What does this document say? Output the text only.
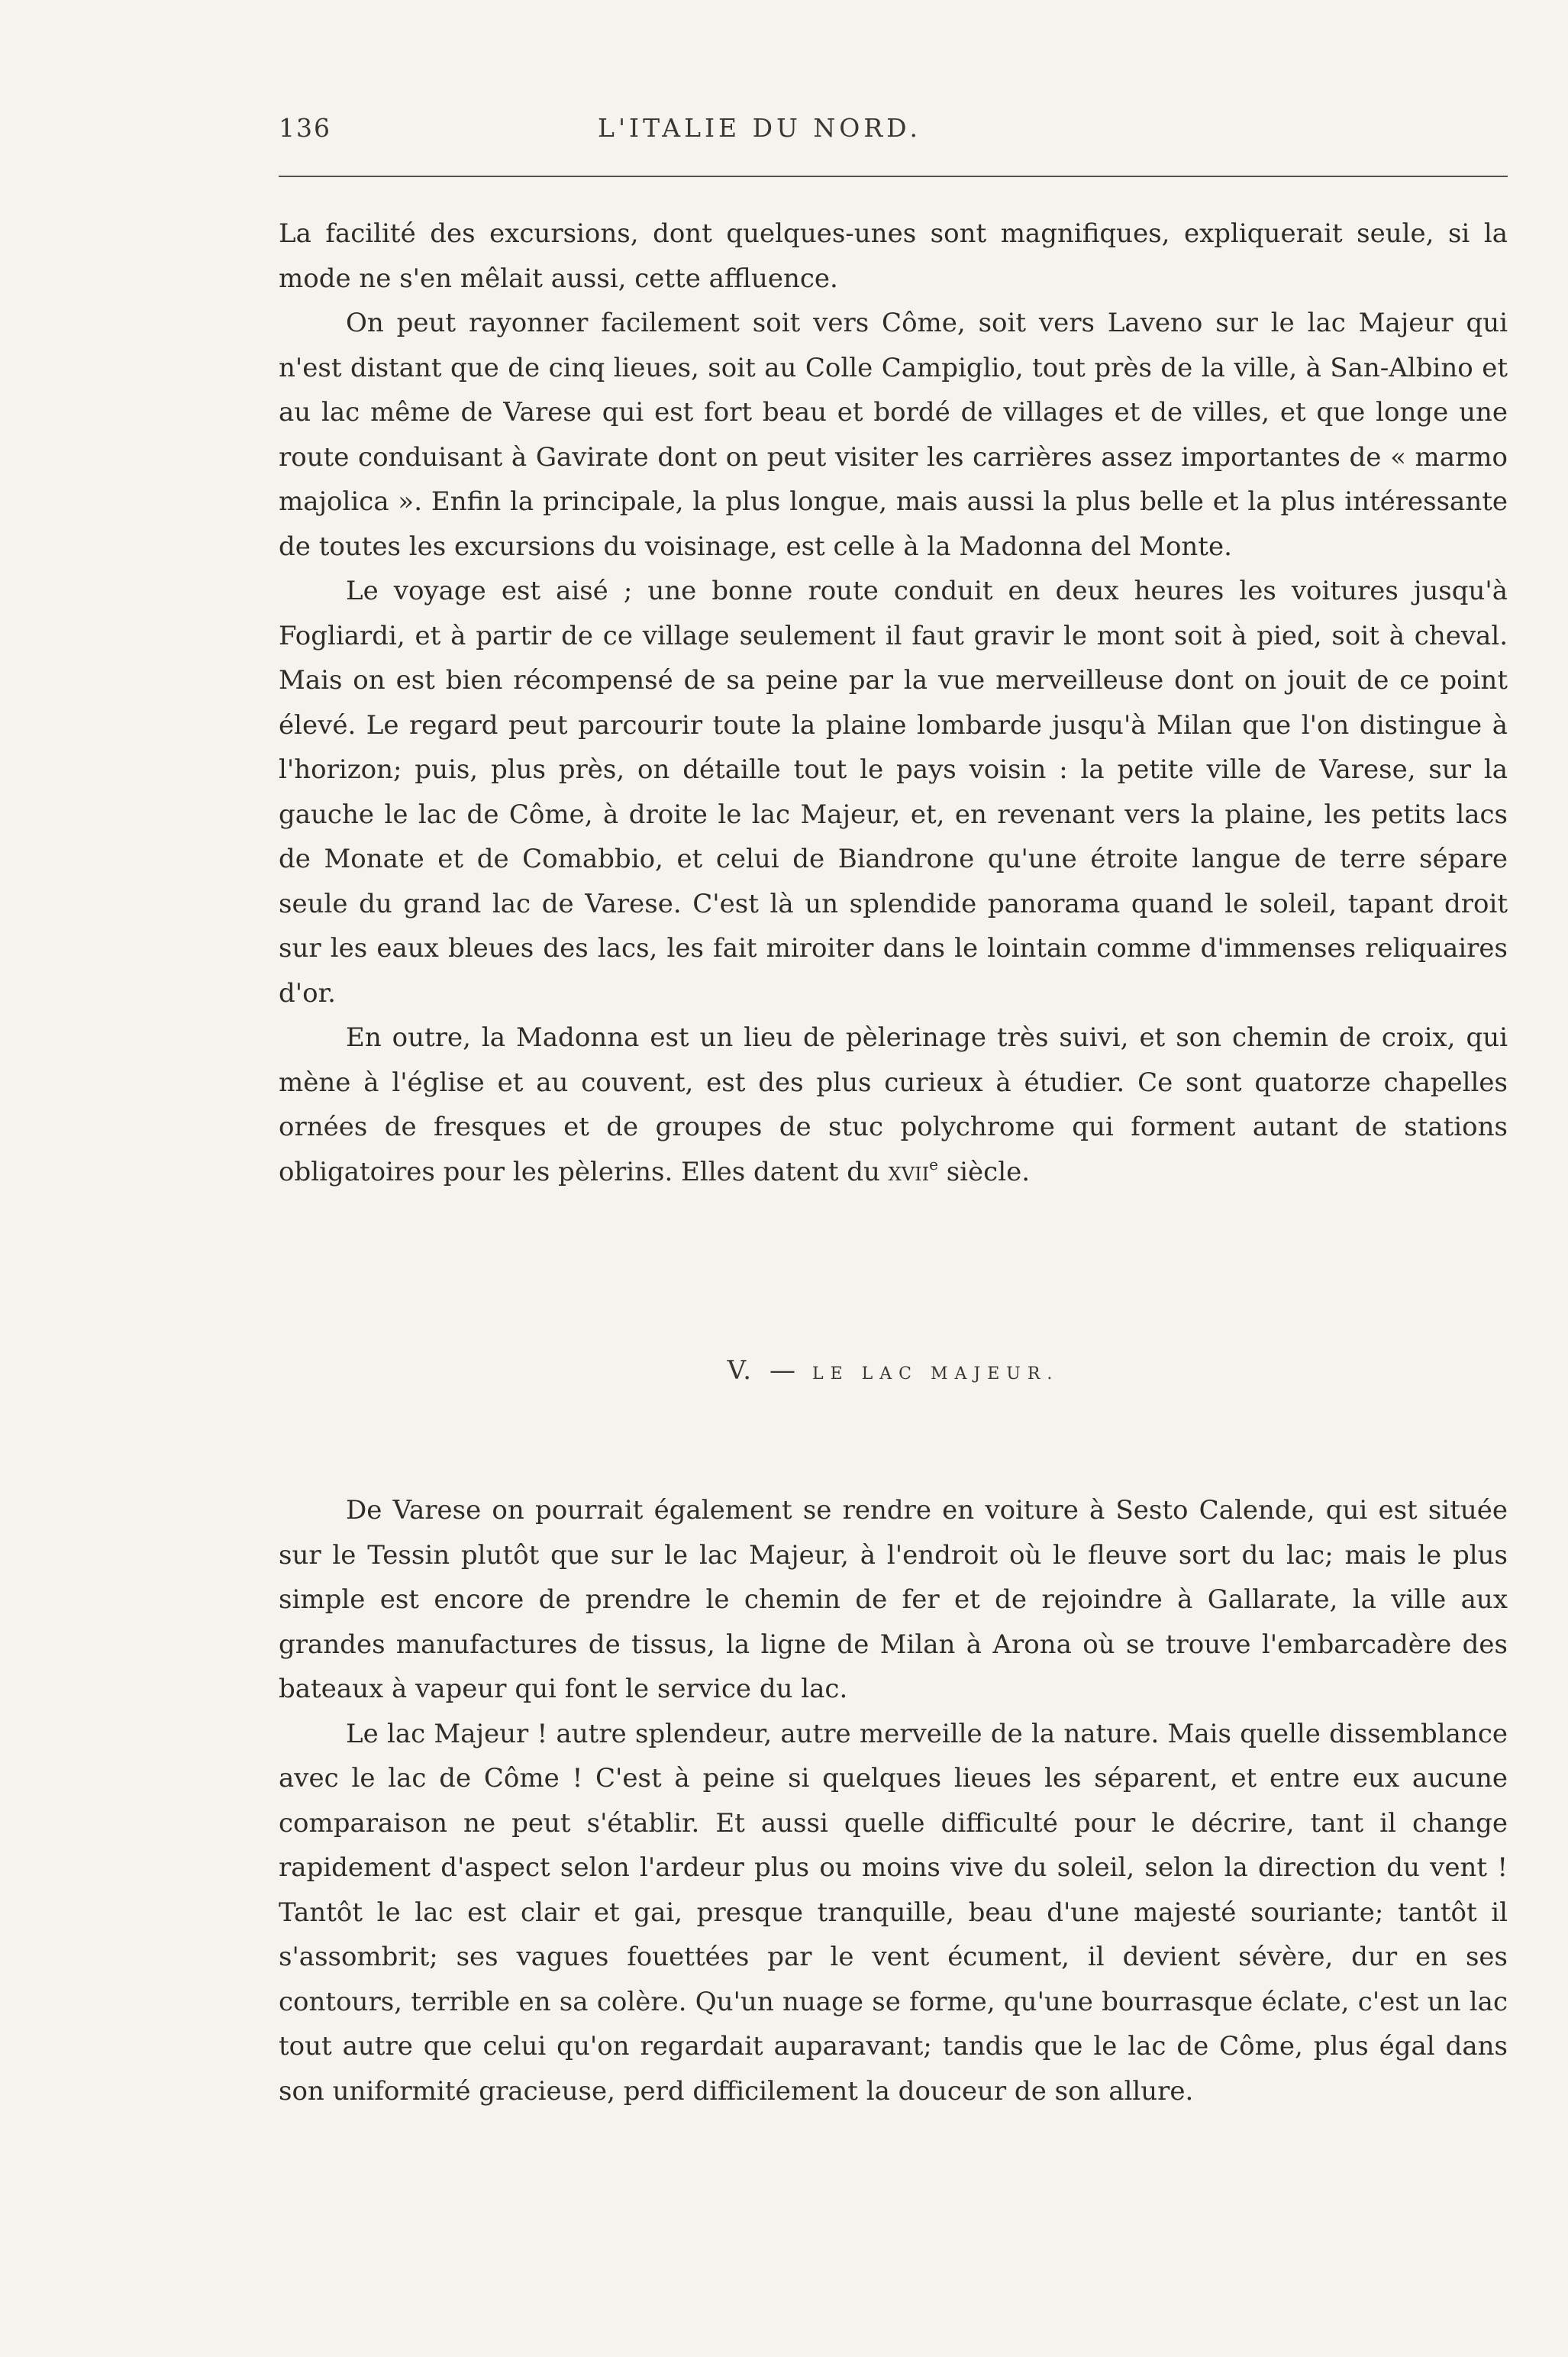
136	L'ITALIE DU NORD.

La facilité des excursions, dont quelques-unes sont magnifiques, expliquerait seule, si la mode ne s'en mêlait aussi, cette affluence.

On peut rayonner facilement soit vers Côme, soit vers Laveno sur le lac Majeur qui n'est distant que de cinq lieues, soit au Colle Campiglio, tout près de la ville, à San-Albino et au lac même de Varese qui est fort beau et bordé de villages et de villes, et que longe une route conduisant à Gavirate dont on peut visiter les carrières assez importantes de « marmo majolica ». Enfin la principale, la plus longue, mais aussi la plus belle et la plus intéressante de toutes les excursions du voisinage, est celle à la Madonna del Monte.

Le voyage est aisé ; une bonne route conduit en deux heures les voitures jusqu'à Fogliardi, et à partir de ce village seulement il faut gravir le mont soit à pied, soit à cheval. Mais on est bien récompensé de sa peine par la vue merveilleuse dont on jouit de ce point élevé. Le regard peut parcourir toute la plaine lombarde jusqu'à Milan que l'on distingue à l'horizon; puis, plus près, on détaille tout le pays voisin : la petite ville de Varese, sur la gauche le lac de Côme, à droite le lac Majeur, et, en revenant vers la plaine, les petits lacs de Monate et de Comabbio, et celui de Biandrone qu'une étroite langue de terre sépare seule du grand lac de Varese. C'est là un splendide panorama quand le soleil, tapant droit sur les eaux bleues des lacs, les fait miroiter dans le lointain comme d'immenses reliquaires d'or.

En outre, la Madonna est un lieu de pèlerinage très suivi, et son chemin de croix, qui mène à l'église et au couvent, est des plus curieux à étudier. Ce sont quatorze chapelles ornées de fresques et de groupes de stuc polychrome qui forment autant de stations obligatoires pour les pèlerins. Elles datent du xvii$^e$ siècle.

V. — LE LAC MAJEUR.

De Varese on pourrait également se rendre en voiture à Sesto Calende, qui est située sur le Tessin plutôt que sur le lac Majeur, à l'endroit où le fleuve sort du lac; mais le plus simple est encore de prendre le chemin de fer et de rejoindre à Gallarate, la ville aux grandes manufactures de tissus, la ligne de Milan à Arona où se trouve l'embarcadère des bateaux à vapeur qui font le service du lac.

Le lac Majeur ! autre splendeur, autre merveille de la nature. Mais quelle dissemblance avec le lac de Côme ! C'est à peine si quelques lieues les séparent, et entre eux aucune comparaison ne peut s'établir. Et aussi quelle difficulté pour le décrire, tant il change rapidement d'aspect selon l'ardeur plus ou moins vive du soleil, selon la direction du vent ! Tantôt le lac est clair et gai, presque tranquille, beau d'une majesté souriante; tantôt il s'assombrit; ses vagues fouettées par le vent écument, il devient sévère, dur en ses contours, terrible en sa colère. Qu'un nuage se forme, qu'une bourrasque éclate, c'est un lac tout autre que celui qu'on regardait auparavant; tandis que le lac de Côme, plus égal dans son uniformité gracieuse, perd difficilement la douceur de son allure.
